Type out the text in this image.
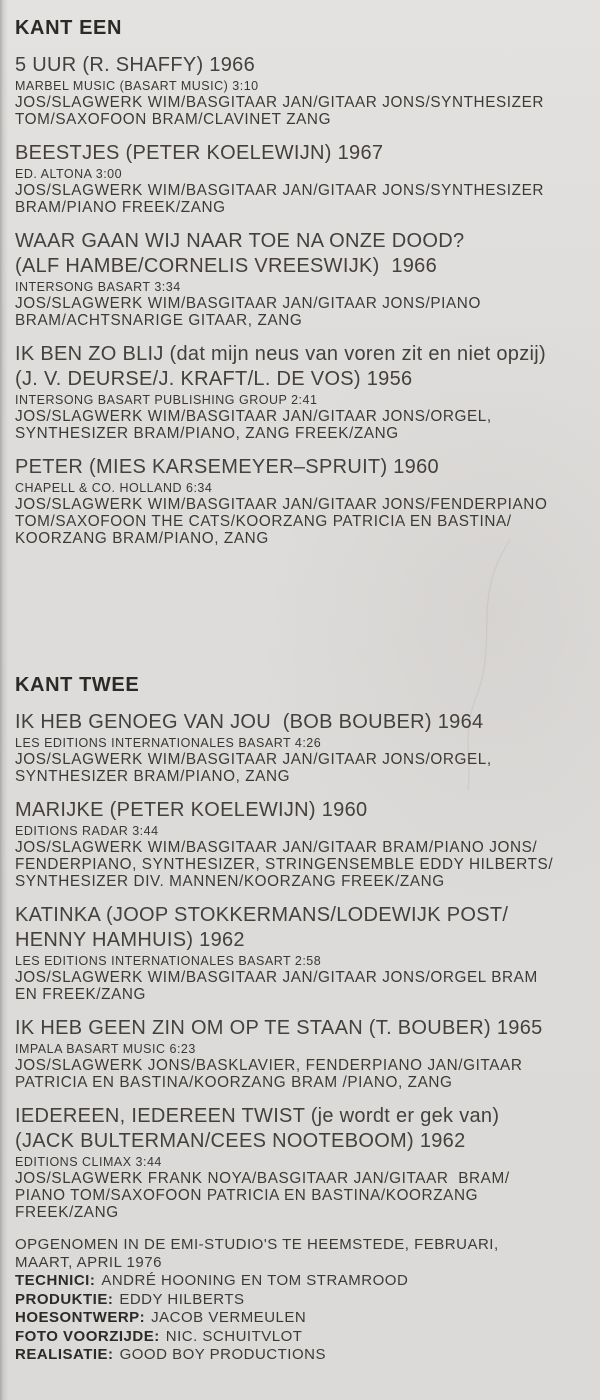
KANT EEN
5 UUR (R. SHAFFY) 1966
MARBEL MUSIC (BASART MUSIC) 3:10
JOS/SLAGWERK WIM/BASGITAAR JAN/GITAAR JONS/SYNTHESIZER
TOM/SAXOFOON BRAM/CLAVINET ZANG
BEESTJES (PETER KOELEWIJN) 1967
ED. ALTONA 3:00
JOS/SLAGWERK WIM/BASGITAAR JAN/GITAAR JONS/SYNTHESIZER
BRAM/PIANO FREEK/ZANG
WAAR GAAN WIJ NAAR TOE NA ONZE DOOD?
(ALF HAMBE/CORNELIS VREESWIJK)  1966
INTERSONG BASART 3:34
JOS/SLAGWERK WIM/BASGITAAR JAN/GITAAR JONS/PIANO
BRAM/ACHTSNARIGE GITAAR, ZANG
IK BEN ZO BLIJ (dat mijn neus van voren zit en niet opzij)
(J. V. DEURSE/J. KRAFT/L. DE VOS) 1956
INTERSONG BASART PUBLISHING GROUP 2:41
JOS/SLAGWERK WIM/BASGITAAR JAN/GITAAR JONS/ORGEL,
SYNTHESIZER BRAM/PIANO, ZANG FREEK/ZANG
PETER (MIES KARSEMEYER–SPRUIT) 1960
CHAPELL & CO. HOLLAND 6:34
JOS/SLAGWERK WIM/BASGITAAR JAN/GITAAR JONS/FENDERPIANO
TOM/SAXOFOON THE CATS/KOORZANG PATRICIA EN BASTINA/
KOORZANG BRAM/PIANO, ZANG
KANT TWEE
IK HEB GENOEG VAN JOU  (BOB BOUBER) 1964
LES EDITIONS INTERNATIONALES BASART 4:26
JOS/SLAGWERK WIM/BASGITAAR JAN/GITAAR JONS/ORGEL,
SYNTHESIZER BRAM/PIANO, ZANG
MARIJKE (PETER KOELEWIJN) 1960
EDITIONS RADAR 3:44
JOS/SLAGWERK WIM/BASGITAAR JAN/GITAAR BRAM/PIANO JONS/
FENDERPIANO, SYNTHESIZER, STRINGENSEMBLE EDDY HILBERTS/
SYNTHESIZER DIV. MANNEN/KOORZANG FREEK/ZANG
KATINKA (JOOP STOKKERMANS/LODEWIJK POST/
HENNY HAMHUIS) 1962
LES EDITIONS INTERNATIONALES BASART 2:58
JOS/SLAGWERK WIM/BASGITAAR JAN/GITAAR JONS/ORGEL BRAM
EN FREEK/ZANG
IK HEB GEEN ZIN OM OP TE STAAN (T. BOUBER) 1965
IMPALA BASART MUSIC 6:23
JOS/SLAGWERK JONS/BASKLAVIER, FENDERPIANO JAN/GITAAR
PATRICIA EN BASTINA/KOORZANG BRAM /PIANO, ZANG
IEDEREEN, IEDEREEN TWIST (je wordt er gek van)
(JACK BULTERMAN/CEES NOOTEBOOM) 1962
EDITIONS CLIMAX 3:44
JOS/SLAGWERK FRANK NOYA/BASGITAAR JAN/GITAAR  BRAM/
PIANO TOM/SAXOFOON PATRICIA EN BASTINA/KOORZANG
FREEK/ZANG
OPGENOMEN IN DE EMI-STUDIO'S TE HEEMSTEDE, FEBRUARI,
MAART, APRIL 1976
TECHNICI: ANDRÉ HOONING EN TOM STRAMROOD
PRODUKTIE: EDDY HILBERTS
HOESONTWERP: JACOB VERMEULEN
FOTO VOORZIJDE: NIC. SCHUITVLOT
REALISATIE: GOOD BOY PRODUCTIONS
